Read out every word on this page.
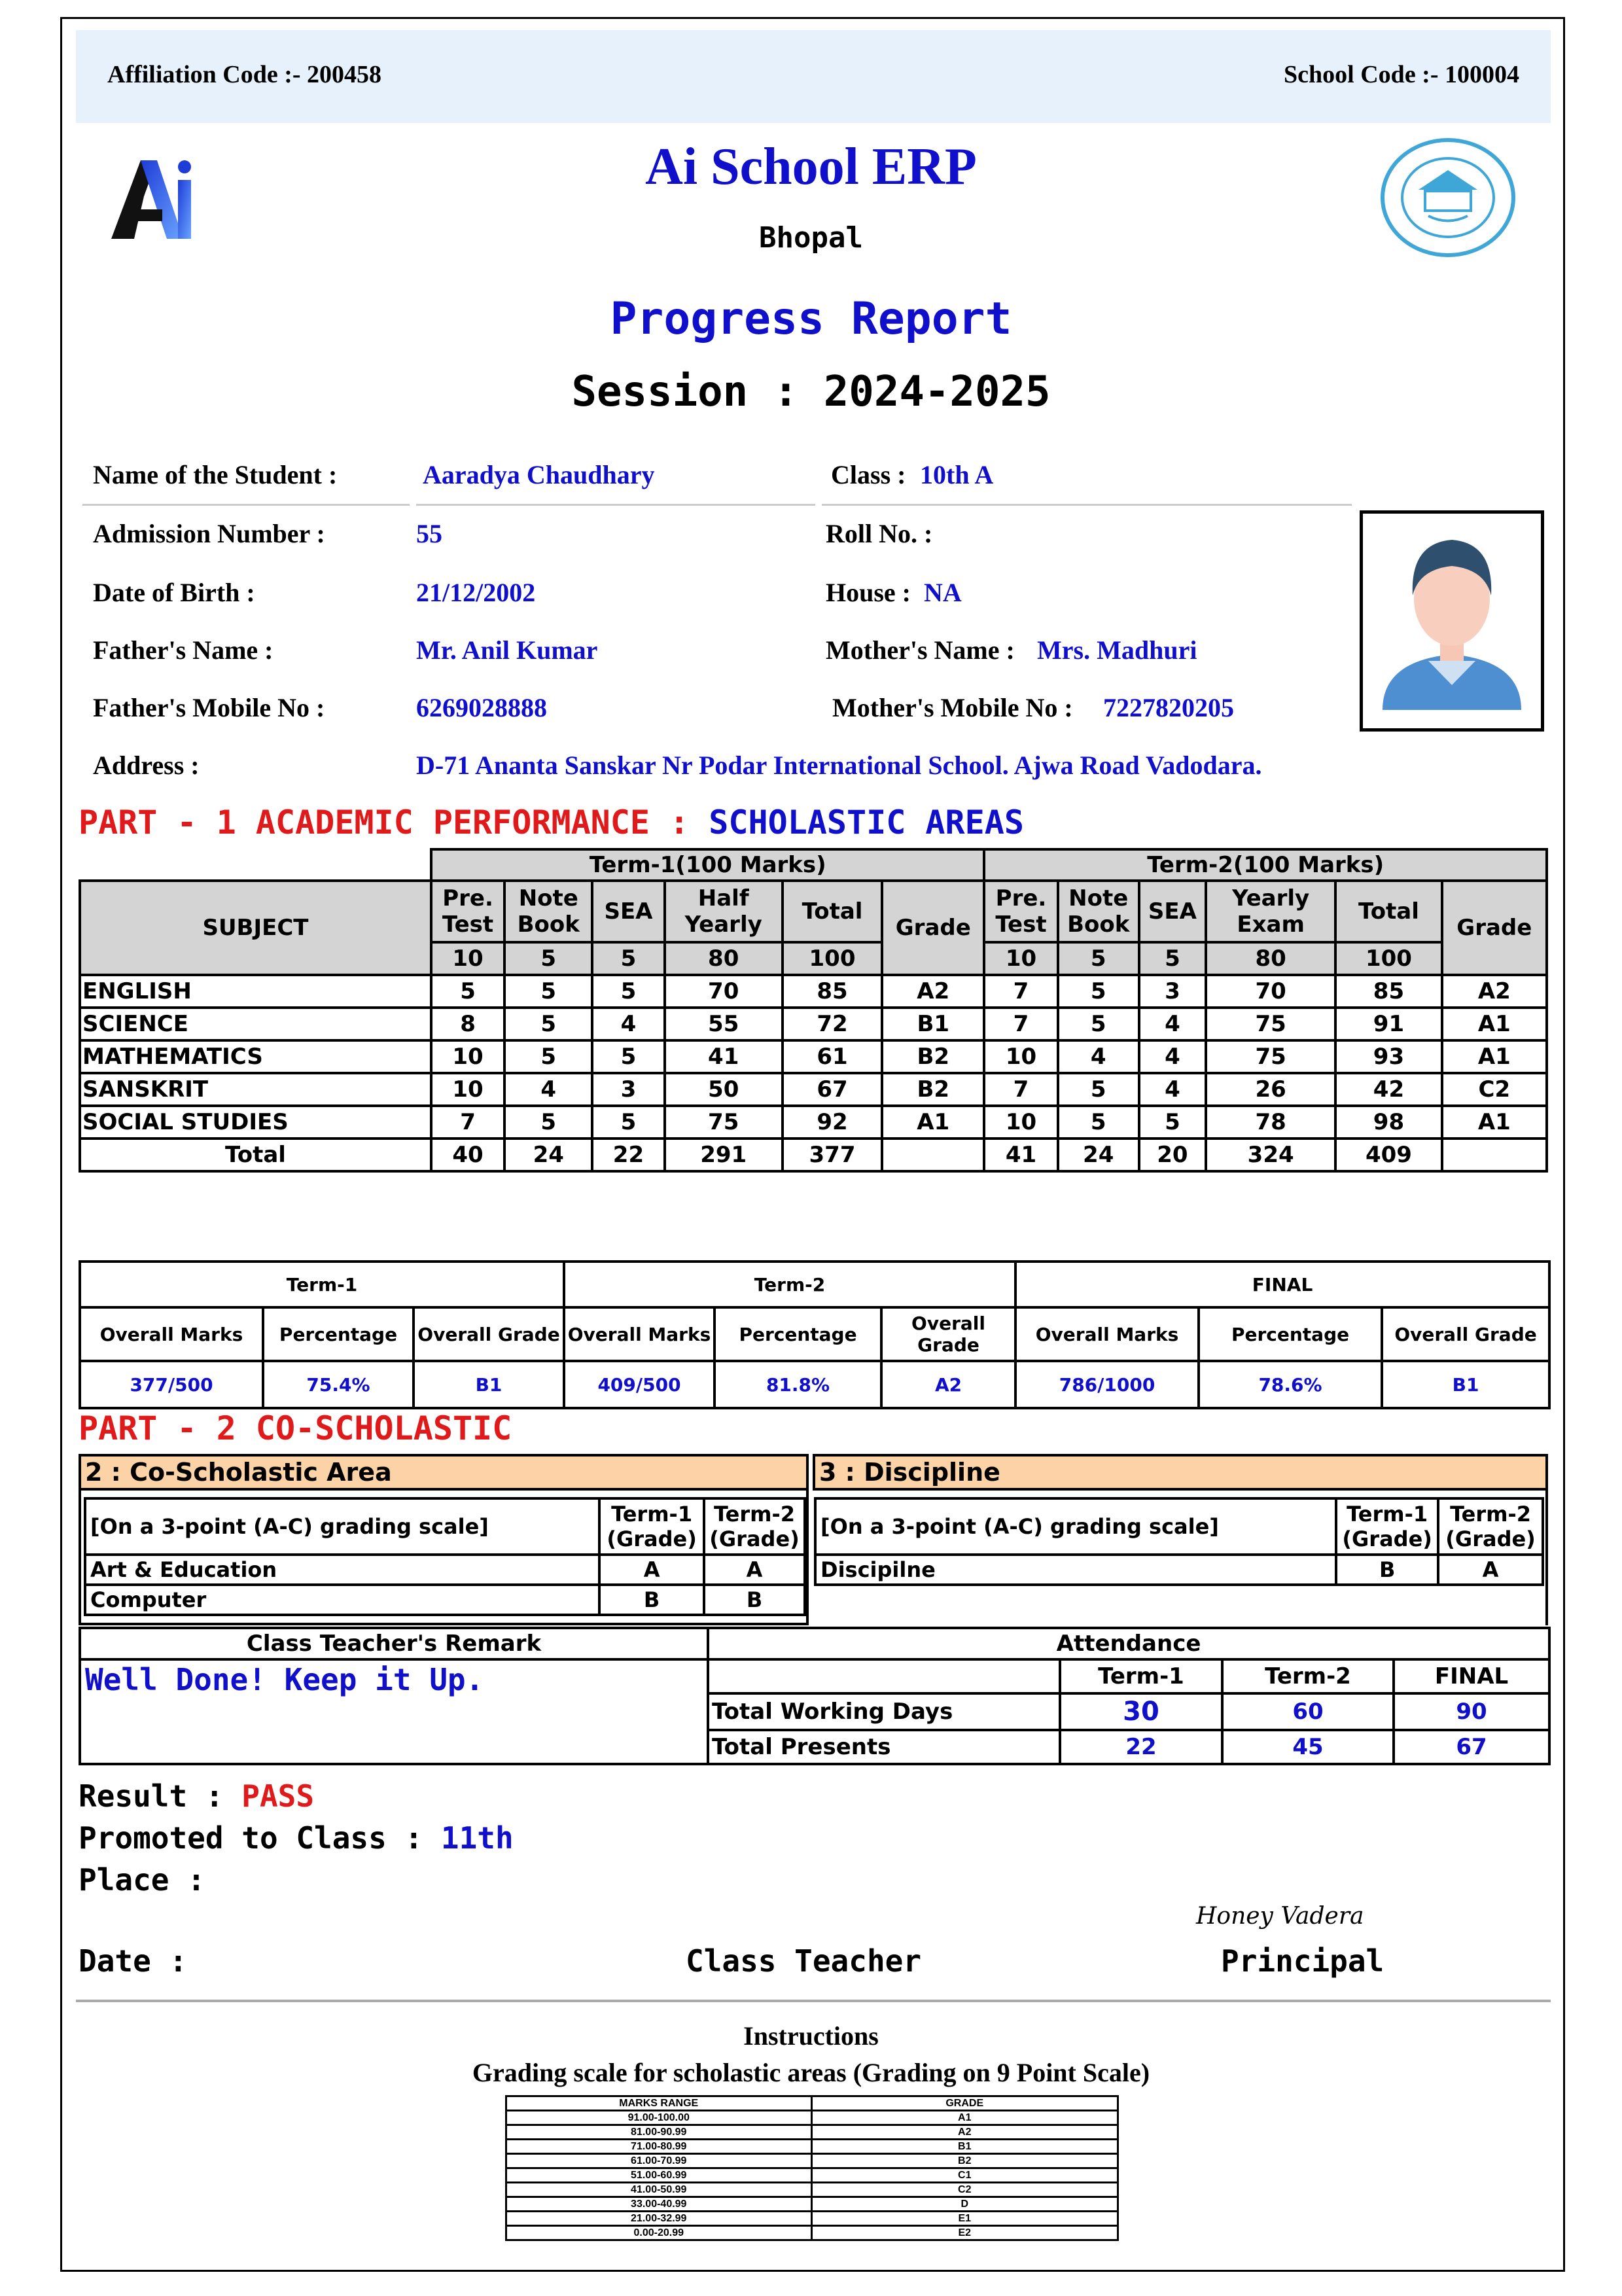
Affiliation Code :- 200458	School Code :- 100004
Ai School ERP
Bhopal
Progress Report
Session : 2024-2025
Name of the Student :	Aaradya Chaudhary	Class : 10th A
Admission Number :	55	Roll No. :
Date of Birth :	21/12/2002	House : NA
Father's Name :	Mr. Anil Kumar	Mother's Name : Mrs. Madhuri
Father's Mobile No :	6269028888	Mother's Mobile No : 7227820205
Address :	D-71 Ananta Sanskar Nr Podar International School. Ajwa Road Vadodara.
PART - 1 ACADEMIC PERFORMANCE : SCHOLASTIC AREAS
	Term-1(100 Marks)						Term-2(100 Marks)					
SUBJECT	Pre. Test	Note Book	SEA	Half Yearly	Total	Grade	Pre. Test	Note Book	SEA	Yearly Exam	Total	Grade
	10	5	5	80	100		10	5	5	80	100	
ENGLISH	5	5	5	70	85	A2	7	5	3	70	85	A2
SCIENCE	8	5	4	55	72	B1	7	5	4	75	91	A1
MATHEMATICS	10	5	5	41	61	B2	10	4	4	75	93	A1
SANSKRIT	10	4	3	50	67	B2	7	5	4	26	42	C2
SOCIAL STUDIES	7	5	5	75	92	A1	10	5	5	78	98	A1
Total	40	24	22	291	377		41	24	20	324	409	
Term-1			Term-2			FINAL		
Overall Marks	Percentage	Overall Grade	Overall Marks	Percentage	Overall Grade	Overall Marks	Percentage	Overall Grade
377/500	75.4%	B1	409/500	81.8%	A2	786/1000	78.6%	B1
PART - 2 CO-SCHOLASTIC
2 : Co-Scholastic Area	3 : Discipline
[On a 3-point (A-C) grading scale]	Term-1 (Grade)	Term-2 (Grade)
Art & Education	A	A
Computer	B	B
[On a 3-point (A-C) grading scale]	Term-1 (Grade)	Term-2 (Grade)
Discipilne	B	A
Class Teacher's Remark	Attendance			
Well Done! Keep it Up.		Term-1	Term-2	FINAL
	Total Working Days	30	60	90
	Total Presents	22	45	67
Result : PASS
Promoted to Class : 11th
Place :
Date :	Class Teacher
Honey Vadera
Principal
Instructions
Grading scale for scholastic areas (Grading on 9 Point Scale)
MARKS RANGE	GRADE
91.00-100.00	A1
81.00-90.99	A2
71.00-80.99	B1
61.00-70.99	B2
51.00-60.99	C1
41.00-50.99	C2
33.00-40.99	D
21.00-32.99	E1
0.00-20.99	E2
